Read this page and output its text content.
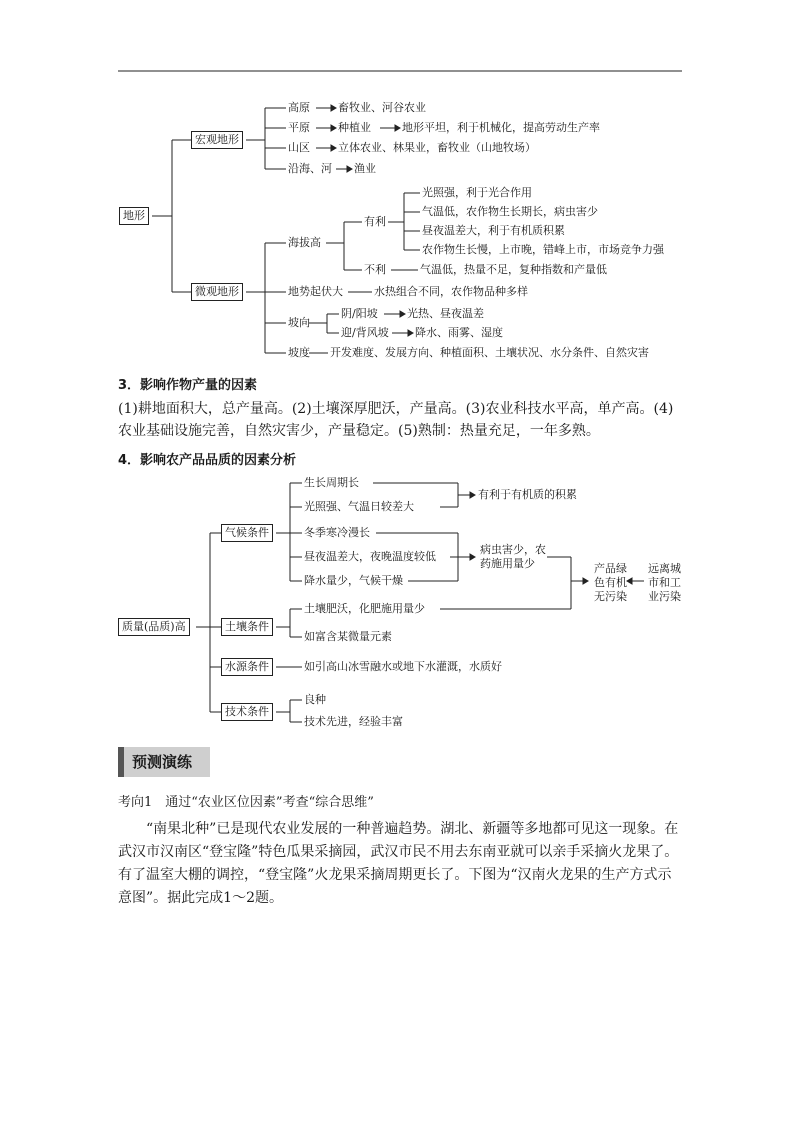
地形
宏观地形
微观地形
高原	畜牧业、河谷农业
平原	种植业	地形平坦，利于机械化，提高劳动生产率
山区	立体农业、林果业，畜牧业（山地牧场）
沿海、河 渔业
海拔高
有利
光照强，利于光合作用
气温低，农作物生长期长，病虫害少
昼夜温差大，利于有机质积累
农作物生长慢，上市晚，错峰上市，市场竞争力强
不利	气温低，热量不足，复种指数和产量低
地势起伏大	水热组合不同，农作物品种多样
坡向
阴/阳坡	光热、昼夜温差
迎/背风坡 降水、雨雾、湿度
坡度 开发难度、发展方向、种植面积、土壤状况、水分条件、自然灾害
3．影响作物产量的因素
(1)耕地面积大，总产量高。(2)土壤深厚肥沃，产量高。(3)农业科技水平高，单产高。(4)农业基础设施完善，自然灾害少，产量稳定。(5)熟制：热量充足，一年多熟。
4．影响农产品品质的因素分析
质量(品质)高
气候条件
土壤条件
水源条件
技术条件
生长周期长
光照强、气温日较差大
冬季寒冷漫长
昼夜温差大，夜晚温度较低
降水量少，气候干燥
有利于有机质的积累
病虫害少，农
药施用量少	产品绿
色有机
无污染
远离城
市和工
业污染
土壤肥沃，化肥施用量少
如富含某微量元素
如引高山冰雪融水或地下水灌溉，水质好
良种
技术先进，经验丰富
预测演练
考向1　通过“农业区位因素”考查“综合思维”
“南果北种”已是现代农业发展的一种普遍趋势。湖北、新疆等多地都可见这一现象。在武汉市汉南区“登宝隆”特色瓜果采摘园，武汉市民不用去东南亚就可以亲手采摘火龙果了。有了温室大棚的调控，“登宝隆”火龙果采摘周期更长了。下图为“汉南火龙果的生产方式示意图”。据此完成1～2题。
